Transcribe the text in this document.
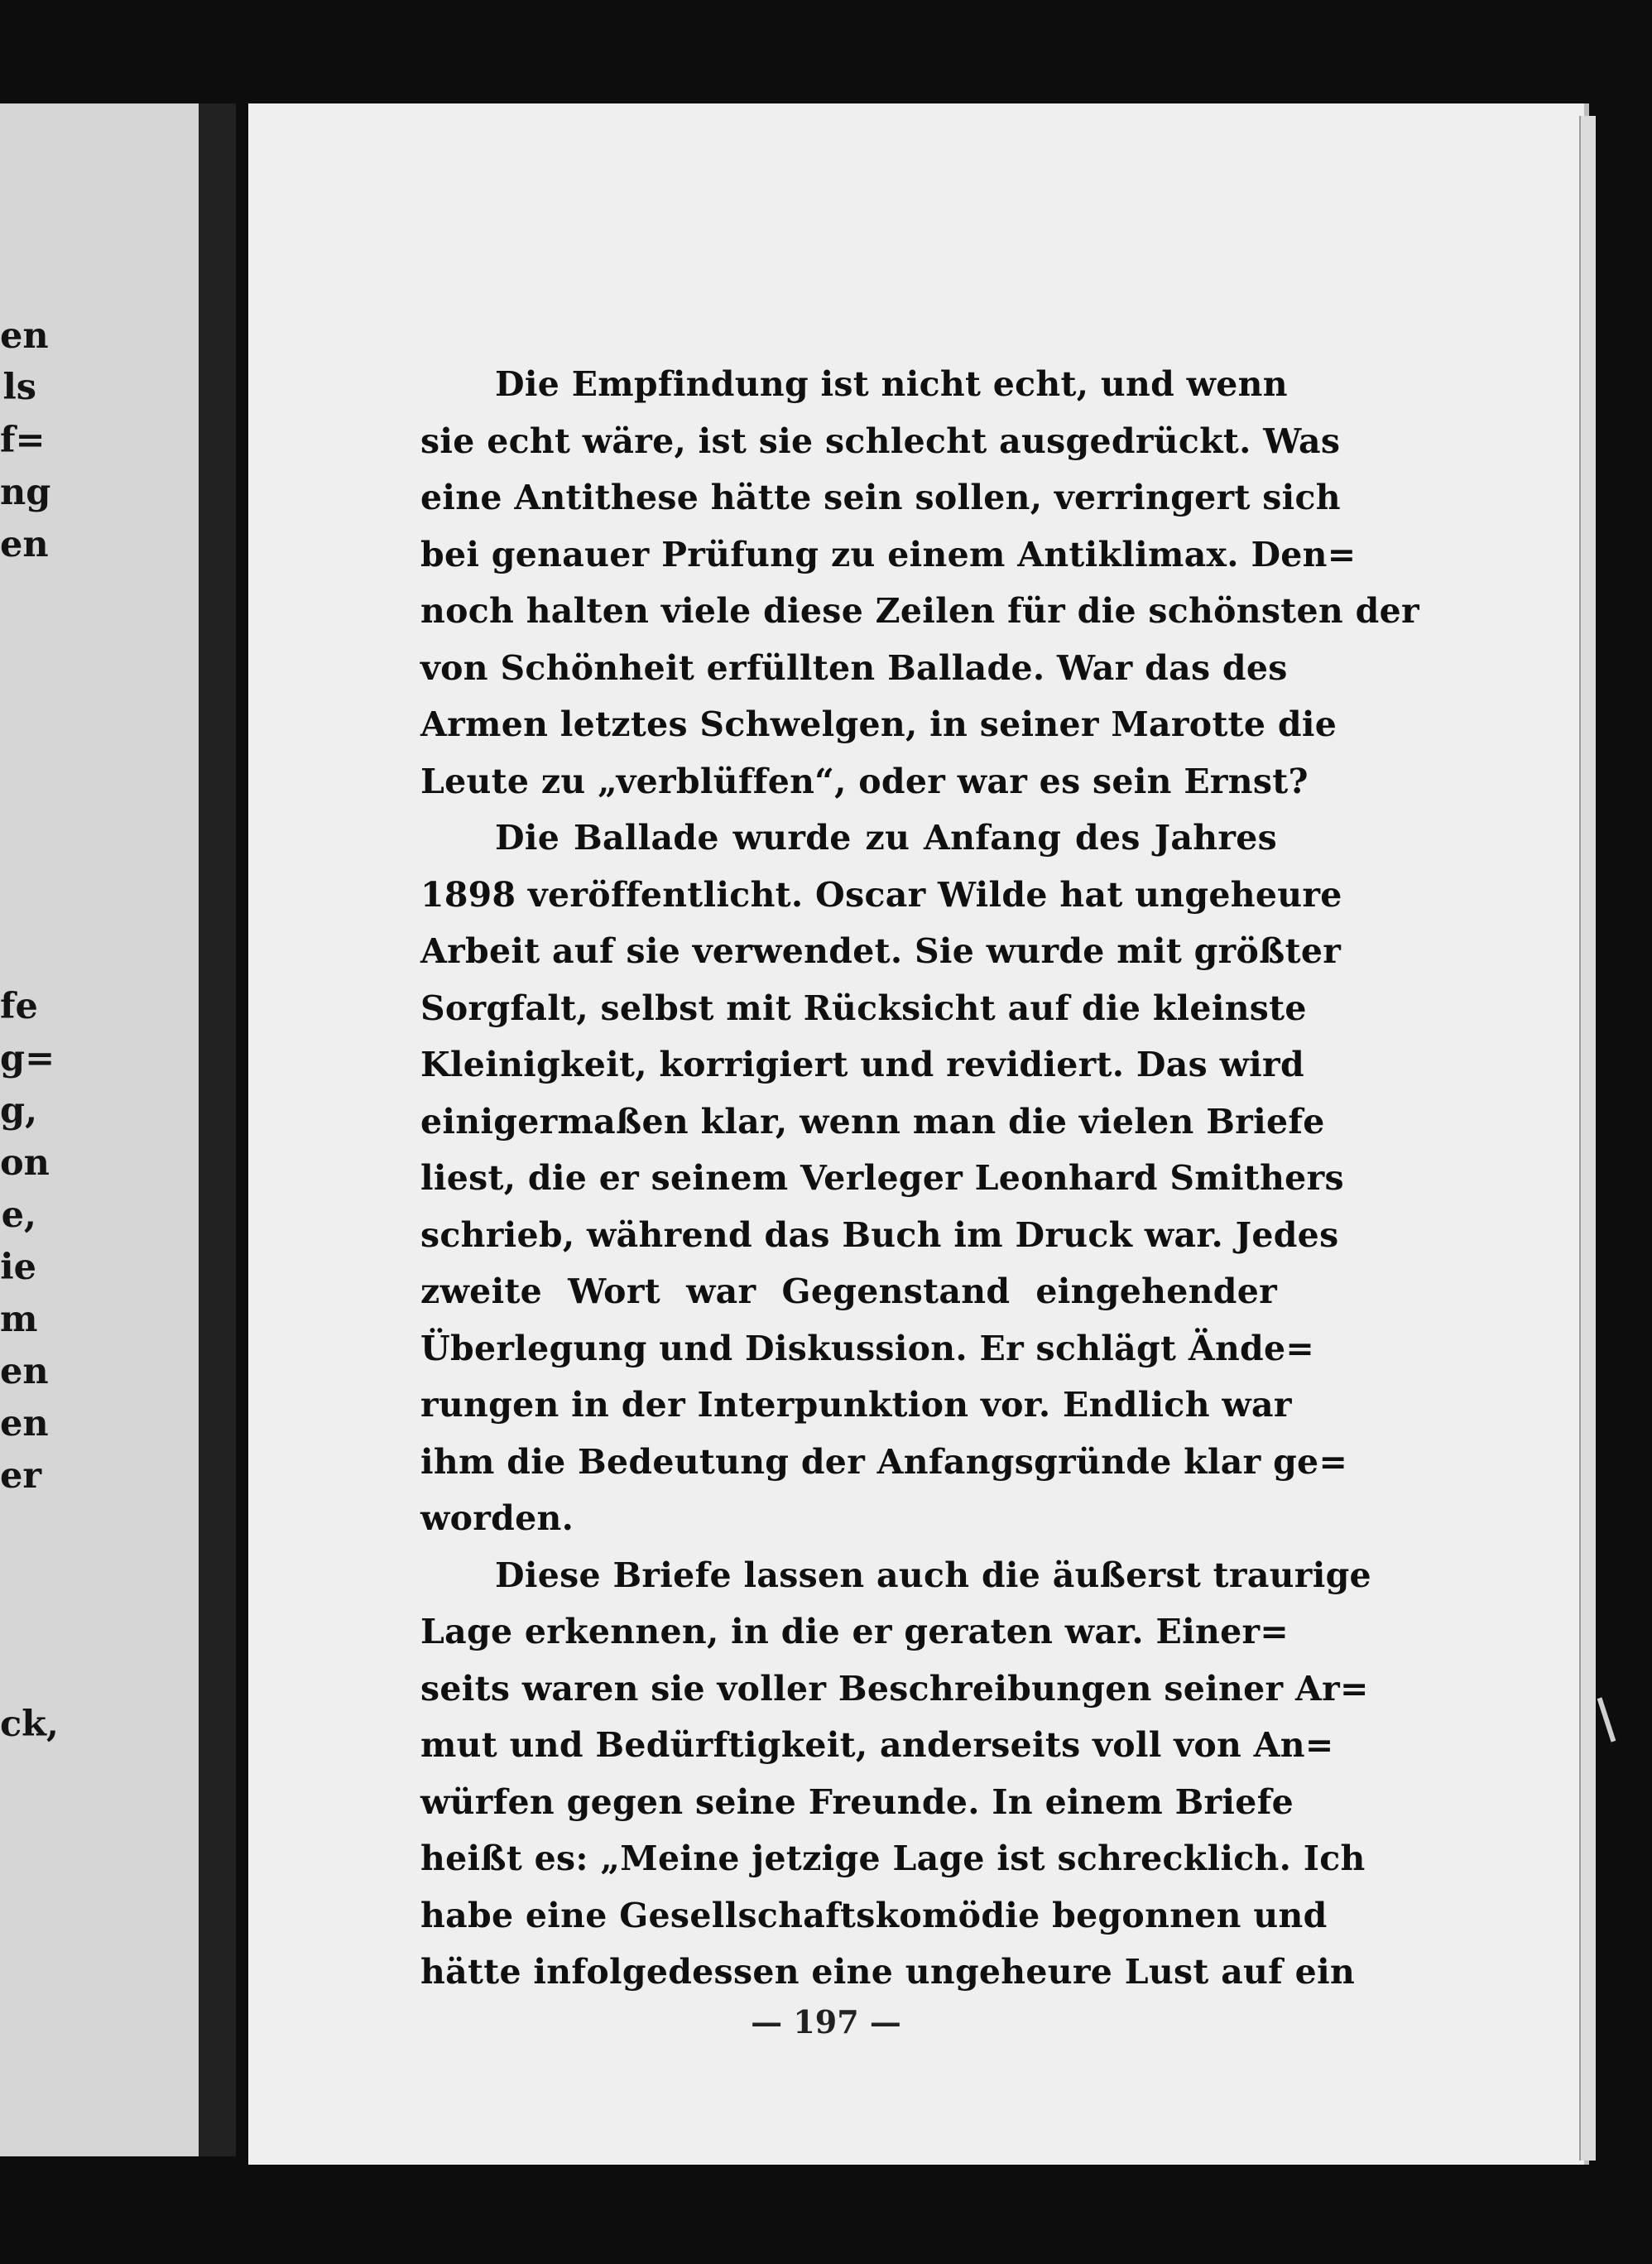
en
ls
f=
ng
en
fe
g=
g,
on
e,
ie
m
en
en
er
ck,
Die Empfindung ist nicht echt, und wenn
sie echt wäre, ist sie schlecht ausgedrückt. Was
eine Antithese hätte sein sollen, verringert sich
bei genauer Prüfung zu einem Antiklimax. Den=
noch halten viele diese Zeilen für die schönsten der
von Schönheit erfüllten Ballade. War das des
Armen letztes Schwelgen, in seiner Marotte die
Leute zu „verblüffen“, oder war es sein Ernst?
Die Ballade wurde zu Anfang des Jahres
1898 veröffentlicht. Oscar Wilde hat ungeheure
Arbeit auf sie verwendet. Sie wurde mit größter
Sorgfalt, selbst mit Rücksicht auf die kleinste
Kleinigkeit, korrigiert und revidiert. Das wird
einigermaßen klar, wenn man die vielen Briefe
liest, die er seinem Verleger Leonhard Smithers
schrieb, während das Buch im Druck war. Jedes
zweite Wort war Gegenstand eingehender
Überlegung und Diskussion. Er schlägt Ände=
rungen in der Interpunktion vor. Endlich war
ihm die Bedeutung der Anfangsgründe klar ge=
worden.
Diese Briefe lassen auch die äußerst traurige
Lage erkennen, in die er geraten war. Einer=
seits waren sie voller Beschreibungen seiner Ar=
mut und Bedürftigkeit, anderseits voll von An=
würfen gegen seine Freunde. In einem Briefe
heißt es: „Meine jetzige Lage ist schrecklich. Ich
habe eine Gesellschaftskomödie begonnen und
hätte infolgedessen eine ungeheure Lust auf ein
— 197 —
